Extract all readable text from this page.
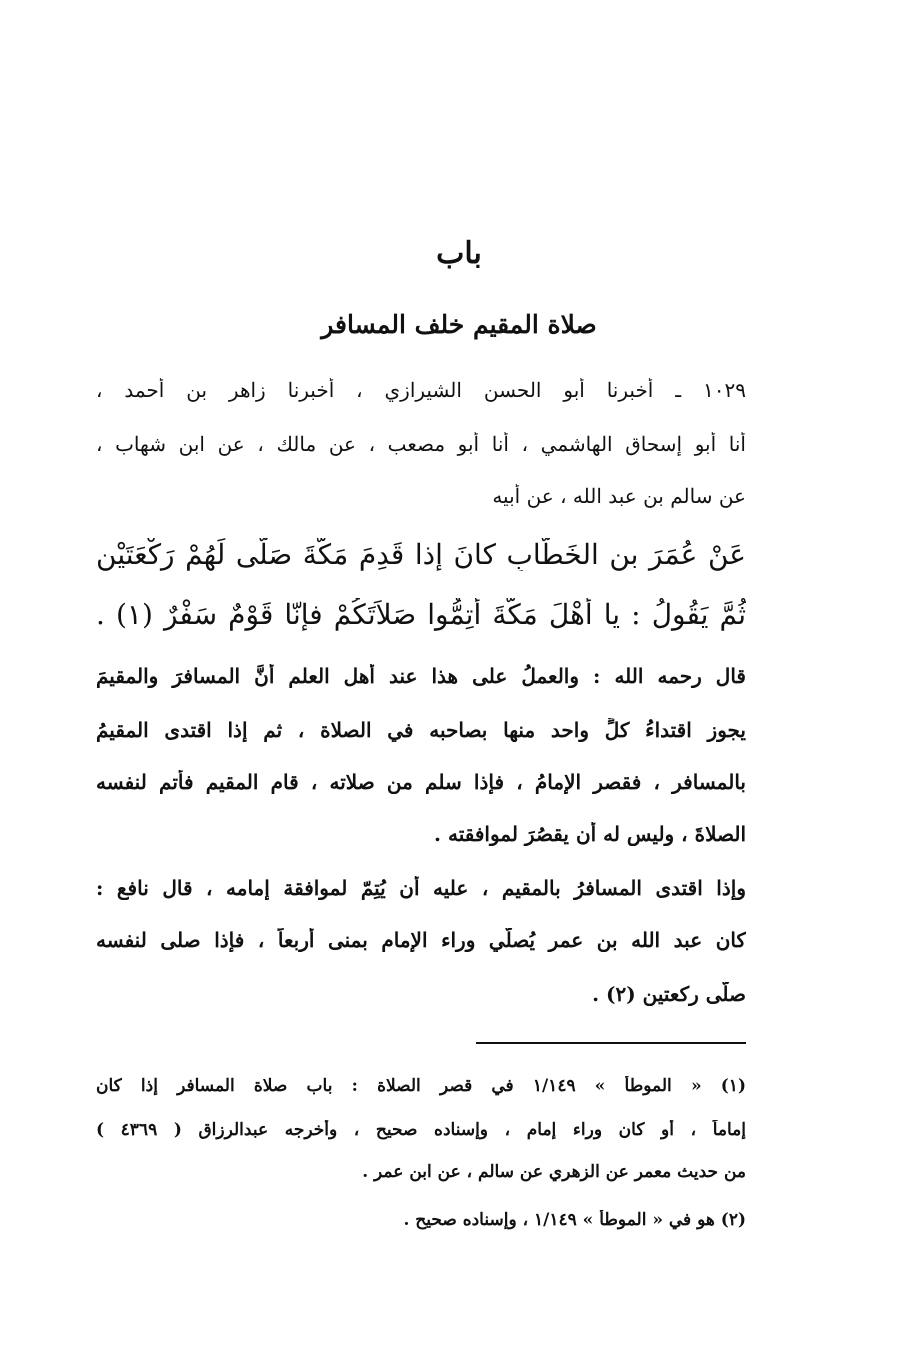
باب
صلاة المقيم خلف المسافر

١٠٢٩ ـ أخبرنا أبو الحسن الشيرازي ، أخبرنا زاهر بن أحمد ،

أنا أبو إسحاق الهاشمي ، أنا أبو مصعب ، عن مالك ، عن ابن شهاب ،

عن سالم بن عبد الله ، عن أبيه

عَنْ عُمَرَ بنِ الخَطَّابِ كانَ إذا قَدِمَ مَكَّةَ صَلَّى لَهُمْ رَكْعَتَيْنِ

ثُمَّ يَقُولُ : يا أَهْلَ مَكَّةَ أَتِمُّوا صَلاَتَكُمْ فإنّا قَوْمٌ سَفْرٌ (١) .

قال رحمه الله : والعملُ على هذا عند أهل العلم أنَّ المسافرَ والمقيمَ

يجوز اقتداءُ كلٍّ واحد منها بصاحبه في الصلاة ، ثم إذا اقتدى المقيمُ

بالمسافرِ ، فقصر الإمامُ ، فإذا سلم من صلاته ، قام المقيم فأتم لنفسه

الصلاةَ ، وليس له أن يقصُرَ لموافقته .

وإذا اقتدى المسافرُ بالمقيم ، عليه أن يُتِمّ لموافقة إمامه ، قال نافع :

كان عبد الله بن عمر يُصلّي وراء الإمام بمنى أربعاً ، فإذا صلى لنفسه

صلّى ركعتين (٢) .

(١) « الموطأ » ١/١٤٩ في قصر الصلاة : باب صلاة المسافر إذا كان

إماماً ، أو كان وراء إمام ، وإسناده صحيح ، وأخرجه عبدالرزاق ( ٤٣٦٩ )

من حديث معمر عن الزهري عن سالم ، عن ابن عمر .

(٢) هو في « الموطأ » ١/١٤٩ ، وإسناده صحيح .
